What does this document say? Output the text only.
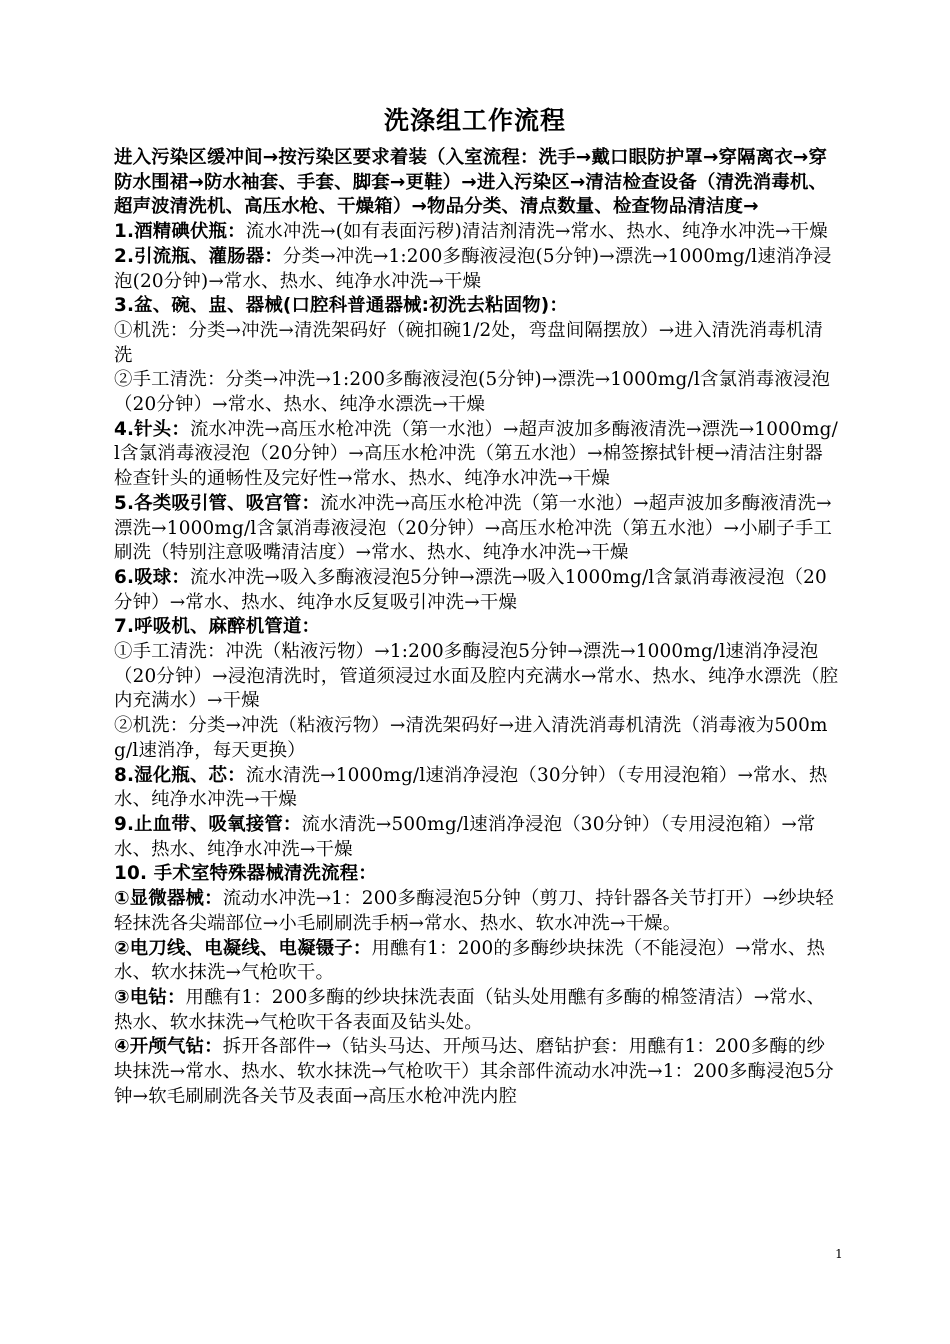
洗涤组工作流程

进入污染区缓冲间→按污染区要求着装（入室流程：洗手→戴口眼防护罩→穿隔离衣→穿防水围裙→防水袖套、手套、脚套→更鞋）→进入污染区→清洁检查设备（清洗消毒机、超声波清洗机、高压水枪、干燥箱）→物品分类、清点数量、检查物品清洁度→

1.酒精碘伏瓶：流水冲洗→(如有表面污秽)清洁剂清洗→常水、热水、纯净水冲洗→干燥

2.引流瓶、灌肠器：分类→冲洗→1:200多酶液浸泡(5分钟)→漂洗→1000mg/l速消净浸泡(20分钟)→常水、热水、纯净水冲洗→干燥

3.盆、碗、盅、器械(口腔科普通器械:初洗去粘固物)：

①机洗：分类→冲洗→清洗架码好（碗扣碗1/2处，弯盘间隔摆放）→进入清洗消毒机清洗

②手工清洗：分类→冲洗→1:200多酶液浸泡(5分钟)→漂洗→1000mg/l含氯消毒液浸泡（20分钟）→常水、热水、纯净水漂洗→干燥

4.针头：流水冲洗→高压水枪冲洗（第一水池）→超声波加多酶液清洗→漂洗→1000mg/l含氯消毒液浸泡（20分钟）→高压水枪冲洗（第五水池）→棉签擦拭针梗→清洁注射器检查针头的通畅性及完好性→常水、热水、纯净水冲洗→干燥

5.各类吸引管、吸宫管：流水冲洗→高压水枪冲洗（第一水池）→超声波加多酶液清洗→漂洗→1000mg/l含氯消毒液浸泡（20分钟）→高压水枪冲洗（第五水池）→小刷子手工刷洗（特别注意吸嘴清洁度）→常水、热水、纯净水冲洗→干燥

6.吸球：流水冲洗→吸入多酶液浸泡5分钟→漂洗→吸入1000mg/l含氯消毒液浸泡（20分钟）→常水、热水、纯净水反复吸引冲洗→干燥

7.呼吸机、麻醉机管道：

①手工清洗：冲洗（粘液污物）→1:200多酶浸泡5分钟→漂洗→1000mg/l速消净浸泡（20分钟）→浸泡清洗时，管道须浸过水面及腔内充满水→常水、热水、纯净水漂洗（腔内充满水）→干燥

②机洗：分类→冲洗（粘液污物）→清洗架码好→进入清洗消毒机清洗（消毒液为500mg/l速消净，每天更换）

8.湿化瓶、芯：流水清洗→1000mg/l速消净浸泡（30分钟）（专用浸泡箱）→常水、热水、纯净水冲洗→干燥

9.止血带、吸氧接管：流水清洗→500mg/l速消净浸泡（30分钟）（专用浸泡箱）→常水、热水、纯净水冲洗→干燥

10. 手术室特殊器械清洗流程：

①显微器械：流动水冲洗→1：200多酶浸泡5分钟（剪刀、持针器各关节打开）→纱块轻轻抹洗各尖端部位→小毛刷刷洗手柄→常水、热水、软水冲洗→干燥。

②电刀线、电凝线、电凝镊子：用醮有1：200的多酶纱块抹洗（不能浸泡）→常水、热水、软水抹洗→气枪吹干。

③电钻：用醮有1：200多酶的纱块抹洗表面（钻头处用醮有多酶的棉签清洁）→常水、热水、软水抹洗→气枪吹干各表面及钻头处。

④开颅气钻：拆开各部件→（钻头马达、开颅马达、磨钻护套：用醮有1：200多酶的纱块抹洗→常水、热水、软水抹洗→气枪吹干）其余部件流动水冲洗→1：200多酶浸泡5分钟→软毛刷刷洗各关节及表面→高压水枪冲洗内腔

1
